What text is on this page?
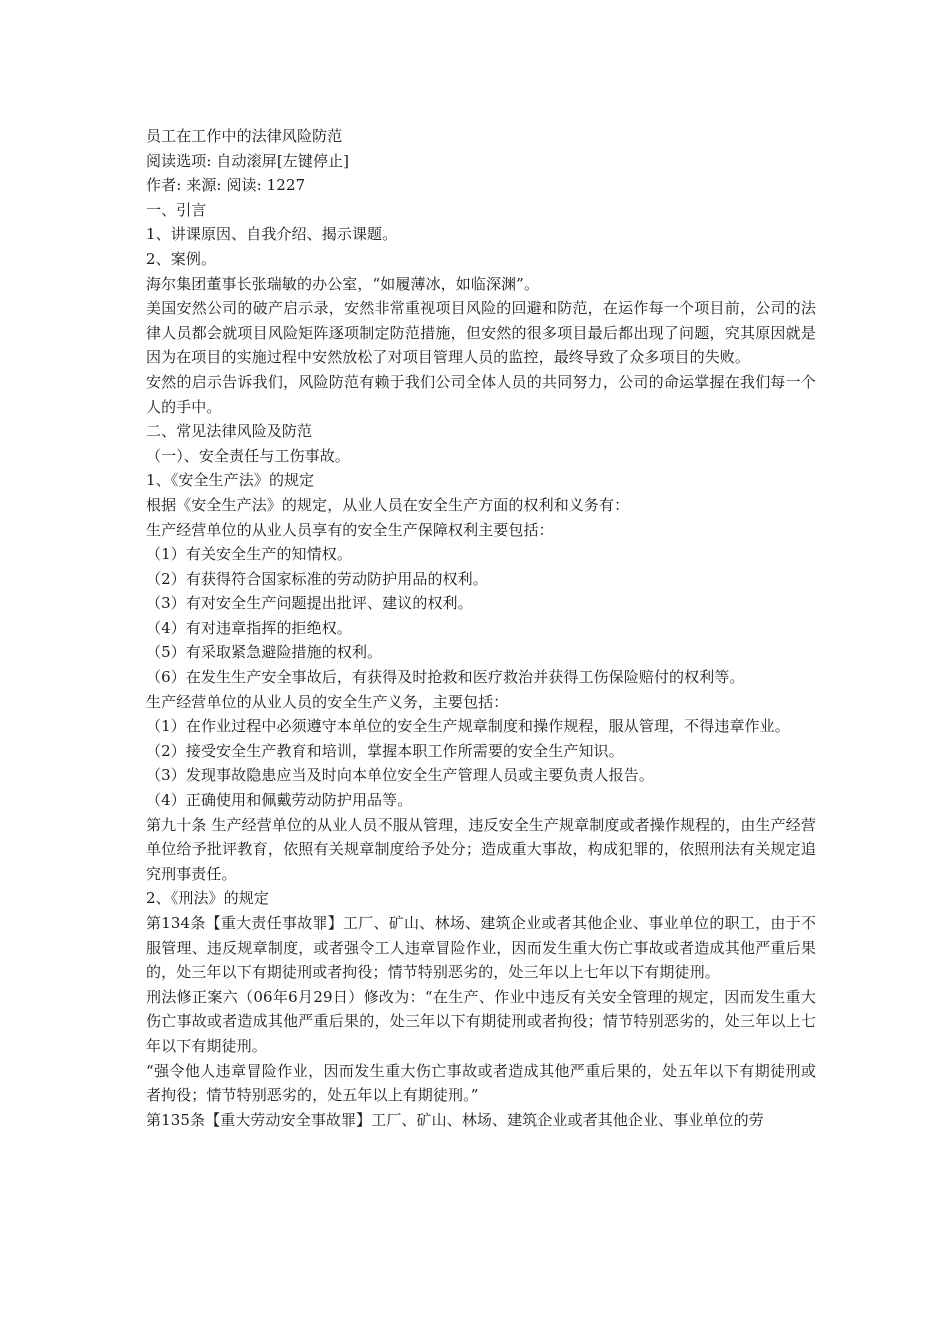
员工在工作中的法律风险防范

阅读选项: 自动滚屏[左键停止]

作者: 来源: 阅读: 1227

一、引言

1、讲课原因、自我介绍、揭示课题。

2、案例。

海尔集团董事长张瑞敏的办公室，“如履薄冰，如临深渊”。

美国安然公司的破产启示录，安然非常重视项目风险的回避和防范，在运作每一个项目前，公司的法律人员都会就项目风险矩阵逐项制定防范措施，但安然的很多项目最后都出现了问题，究其原因就是因为在项目的实施过程中安然放松了对项目管理人员的监控，最终导致了众多项目的失败。

安然的启示告诉我们，风险防范有赖于我们公司全体人员的共同努力，公司的命运掌握在我们每一个人的手中。

二、常见法律风险及防范

（一）、安全责任与工伤事故。

1、《安全生产法》的规定

根据《安全生产法》的规定，从业人员在安全生产方面的权利和义务有：

生产经营单位的从业人员享有的安全生产保障权利主要包括：

（1）有关安全生产的知情权。

（2）有获得符合国家标准的劳动防护用品的权利。

（3）有对安全生产问题提出批评、建议的权利。

（4）有对违章指挥的拒绝权。

（5）有采取紧急避险措施的权利。

（6）在发生生产安全事故后，有获得及时抢救和医疗救治并获得工伤保险赔付的权利等。

生产经营单位的从业人员的安全生产义务，主要包括：

（1）在作业过程中必须遵守本单位的安全生产规章制度和操作规程，服从管理，不得违章作业。

（2）接受安全生产教育和培训，掌握本职工作所需要的安全生产知识。

（3）发现事故隐患应当及时向本单位安全生产管理人员或主要负责人报告。

（4）正确使用和佩戴劳动防护用品等。

第九十条 生产经营单位的从业人员不服从管理，违反安全生产规章制度或者操作规程的，由生产经营单位给予批评教育，依照有关规章制度给予处分；造成重大事故，构成犯罪的，依照刑法有关规定追究刑事责任。

2、《刑法》的规定

第134条【重大责任事故罪】工厂、矿山、林场、建筑企业或者其他企业、事业单位的职工，由于不服管理、违反规章制度，或者强令工人违章冒险作业，因而发生重大伤亡事故或者造成其他严重后果的，处三年以下有期徒刑或者拘役；情节特别恶劣的，处三年以上七年以下有期徒刑。

刑法修正案六（06年6月29日）修改为：“在生产、作业中违反有关安全管理的规定，因而发生重大伤亡事故或者造成其他严重后果的，处三年以下有期徒刑或者拘役；情节特别恶劣的，处三年以上七年以下有期徒刑。

“强令他人违章冒险作业，因而发生重大伤亡事故或者造成其他严重后果的，处五年以下有期徒刑或者拘役；情节特别恶劣的，处五年以上有期徒刑。”

第135条【重大劳动安全事故罪】工厂、矿山、林场、建筑企业或者其他企业、事业单位的劳
